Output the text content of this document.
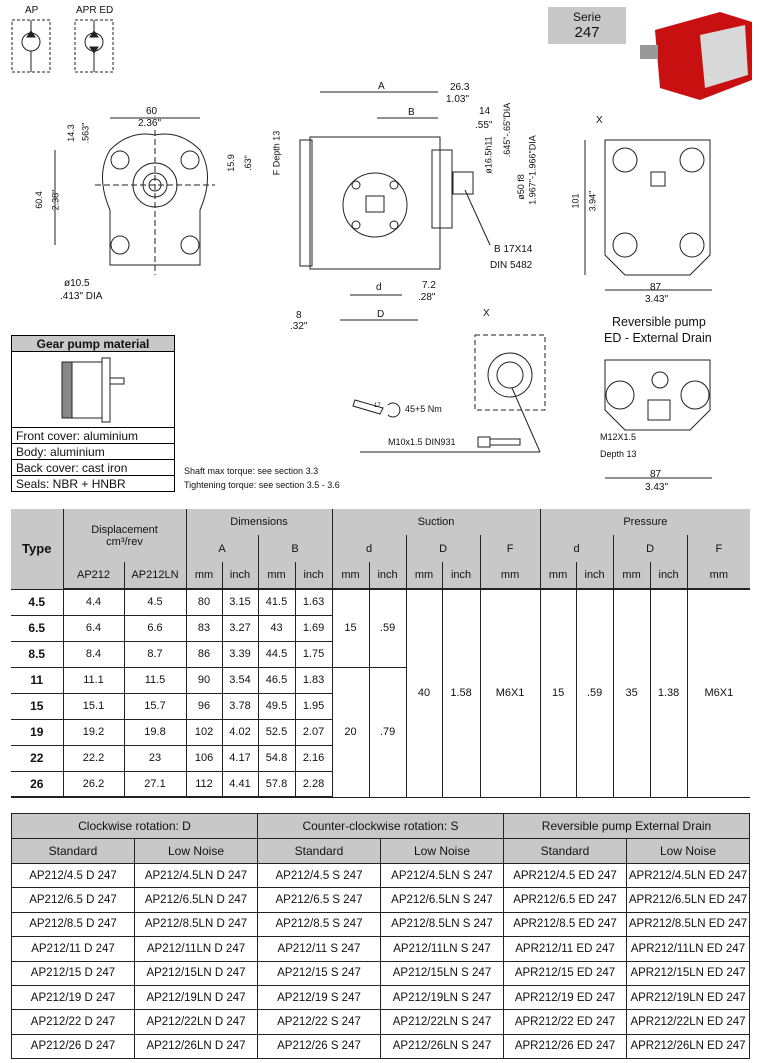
AP	APR ED	Serie
247
60
2.36"
14.3 .563"
60.4 2.38"
ø10.5
.413" DIA
15.9 .63"
A
B
F Depth 13
26.3
1.03"
14
.55"
ø16.5h11 .645"-.65"DIA
ø50 f8 1.967"-1.966"DIA
B 17X14
DIN 5482
d
D
7.2
.28"
8
.32"
X
101 3.94"
87
3.43"
X
17	45+5 Nm
M10x1.5 DIN931
Reversible pump
ED - External Drain
M12X1.5
Depth 13
87
3.43"
Shaft max torque: see section 3.3
Tightening torque: see section 3.5 - 3.6
Gear pump material
Front cover: aluminium
Body: aluminium
Back cover: cast iron
Seals: NBR + HNBR
Type	Displacement
cm³/rev		Dimensions				Suction					Pressure				
			A		B		d		D		F	d		D		F
	AP212	AP212LN	mm	inch	mm	inch	mm	inch	mm	inch	mm	mm	inch	mm	inch	mm
4.5	4.4	4.5	80	3.15	41.5	1.63	15	.59	40	1.58	M6X1	15	.59	35	1.38	M6X1
6.5	6.4	6.6	83	3.27	43	1.69										
8.5	8.4	8.7	86	3.39	44.5	1.75										
11	11.1	11.5	90	3.54	46.5	1.83	20	.79								
15	15.1	15.7	96	3.78	49.5	1.95										
19	19.2	19.8	102	4.02	52.5	2.07										
22	22.2	23	106	4.17	54.8	2.16										
26	26.2	27.1	112	4.41	57.8	2.28										
Clockwise rotation: D		Counter-clockwise rotation: S		Reversible pump External Drain	
Standard	Low Noise	Standard	Low Noise	Standard	Low Noise
AP212/4.5 D 247	AP212/4.5LN D 247	AP212/4.5 S 247	AP212/4.5LN S 247	APR212/4.5 ED 247	APR212/4.5LN ED 247
AP212/6.5 D 247	AP212/6.5LN D 247	AP212/6.5 S 247	AP212/6.5LN S 247	APR212/6.5 ED 247	APR212/6.5LN ED 247
AP212/8.5 D 247	AP212/8.5LN D 247	AP212/8.5 S 247	AP212/8.5LN S 247	APR212/8.5 ED 247	APR212/8.5LN ED 247
AP212/11 D 247	AP212/11LN D 247	AP212/11 S 247	AP212/11LN S 247	APR212/11 ED 247	APR212/11LN ED 247
AP212/15 D 247	AP212/15LN D 247	AP212/15 S 247	AP212/15LN S 247	APR212/15 ED 247	APR212/15LN ED 247
AP212/19 D 247	AP212/19LN D 247	AP212/19 S 247	AP212/19LN S 247	APR212/19 ED 247	APR212/19LN ED 247
AP212/22 D 247	AP212/22LN D 247	AP212/22 S 247	AP212/22LN S 247	APR212/22 ED 247	APR212/22LN ED 247
AP212/26 D 247	AP212/26LN D 247	AP212/26 S 247	AP212/26LN S 247	APR212/26 ED 247	APR212/26LN ED 247
